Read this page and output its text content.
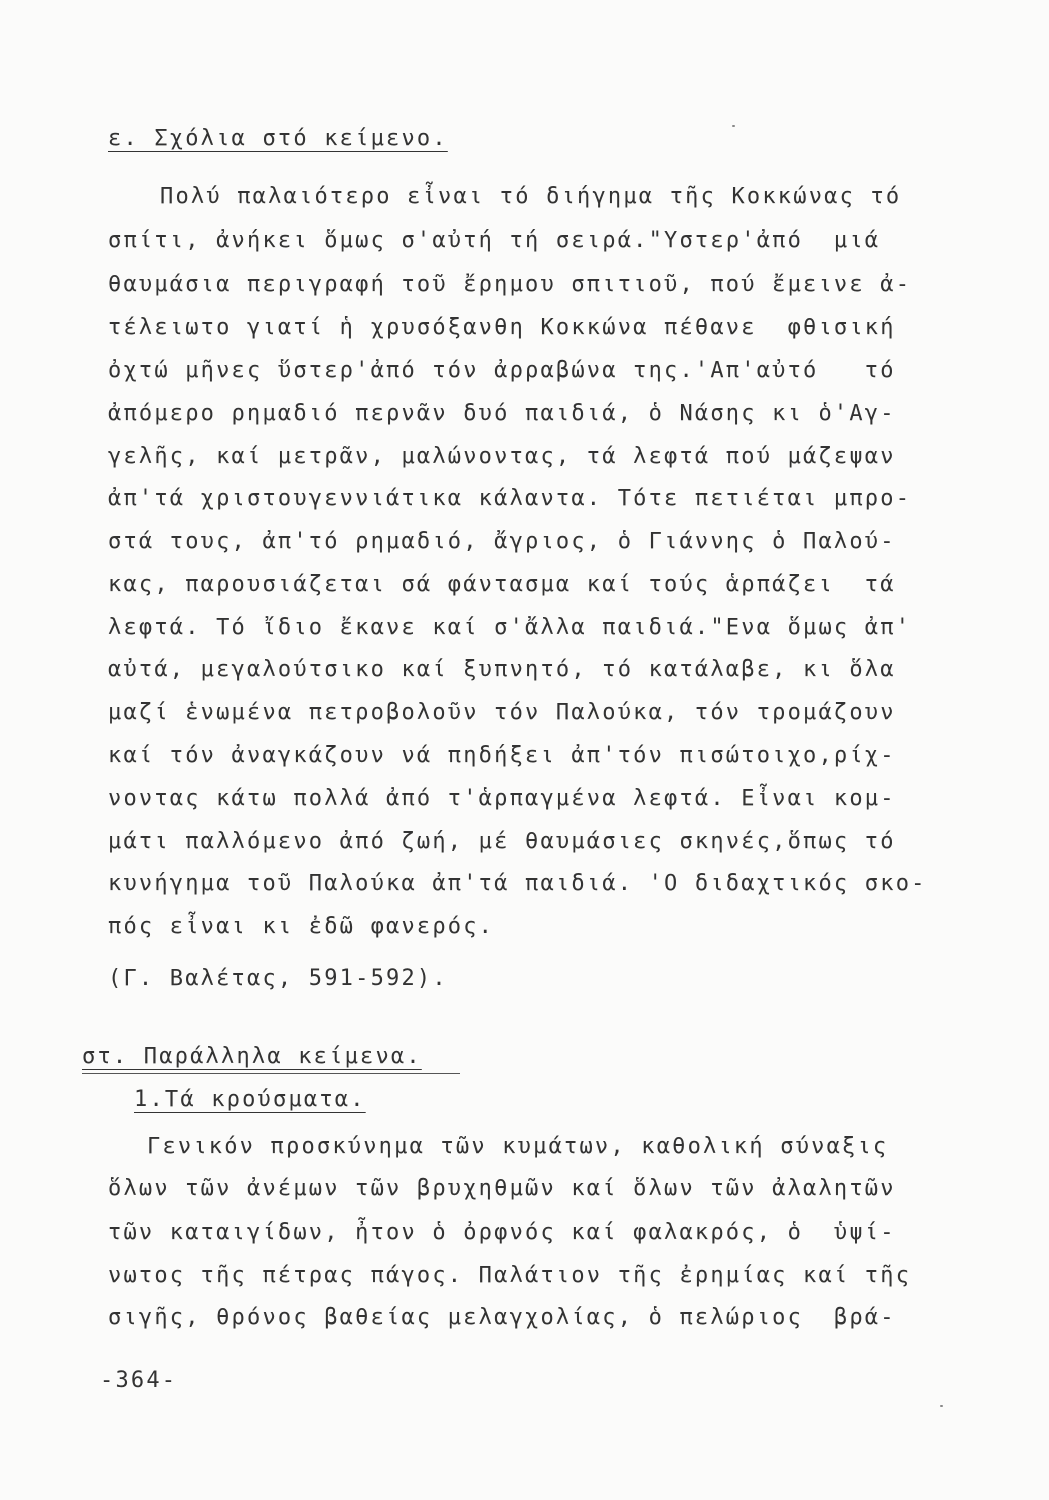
ε. Σχόλια στό κείμενο.
Πολύ παλαιότερο εἶναι τό διήγημα τῆς Κοκκώνας τό
σπίτι, ἀνήκει ὅμως σ'αὐτή τή σειρά."Υστερ'ἀπό  μιά
θαυμάσια περιγραφή τοῦ ἔρημου σπιτιοῦ, πού ἔμεινε ἀ-
τέλειωτο γιατί ἡ χρυσόξανθη Κοκκώνα πέθανε  φθισική
ὀχτώ μῆνες ὕστερ'ἀπό τόν ἀρραβώνα της.'Απ'αὐτό   τό
ἀπόμερο ρημαδιό περνᾶν δυό παιδιά, ὁ Νάσης κι ὁ'Αγ-
γελῆς, καί μετρᾶν, μαλώνοντας, τά λεφτά πού μάζεψαν
ἀπ'τά χριστουγεννιάτικα κάλαντα. Τότε πετιέται μπρο-
στά τους, ἀπ'τό ρημαδιό, ἄγριος, ὁ Γιάννης ὁ Παλού-
κας, παρουσιάζεται σά φάντασμα καί τούς ἁρπάζει  τά
λεφτά. Τό ἴδιο ἔκανε καί σ'ἄλλα παιδιά."Ενα ὅμως ἀπ'
αὐτά, μεγαλούτσικο καί ξυπνητό, τό κατάλαβε, κι ὅλα
μαζί ἑνωμένα πετροβολοῦν τόν Παλούκα, τόν τρομάζουν
καί τόν ἀναγκάζουν νά πηδήξει ἀπ'τόν πισώτοιχο,ρίχ-
νοντας κάτω πολλά ἀπό τ'ἁρπαγμένα λεφτά. Εἶναι κομ-
μάτι παλλόμενο ἀπό ζωή, μέ θαυμάσιες σκηνές,ὅπως τό
κυνήγημα τοῦ Παλούκα ἀπ'τά παιδιά. 'Ο διδαχτικός σκο-
πός εἶναι κι ἐδῶ φανερός.
(Γ. Βαλέτας, 591-592).
στ. Παράλληλα κείμενα.
1.Τά κρούσματα.
Γενικόν προσκύνημα τῶν κυμάτων, καθολική σύναξις
ὅλων τῶν ἀνέμων τῶν βρυχηθμῶν καί ὅλων τῶν ἀλαλητῶν
τῶν καταιγίδων, ἦτον ὁ ὀρφνός καί φαλακρός, ὁ  ὑψί-
νωτος τῆς πέτρας πάγος. Παλάτιον τῆς ἐρημίας καί τῆς
σιγῆς, θρόνος βαθείας μελαγχολίας, ὁ πελώριος  βρά-
-364-
